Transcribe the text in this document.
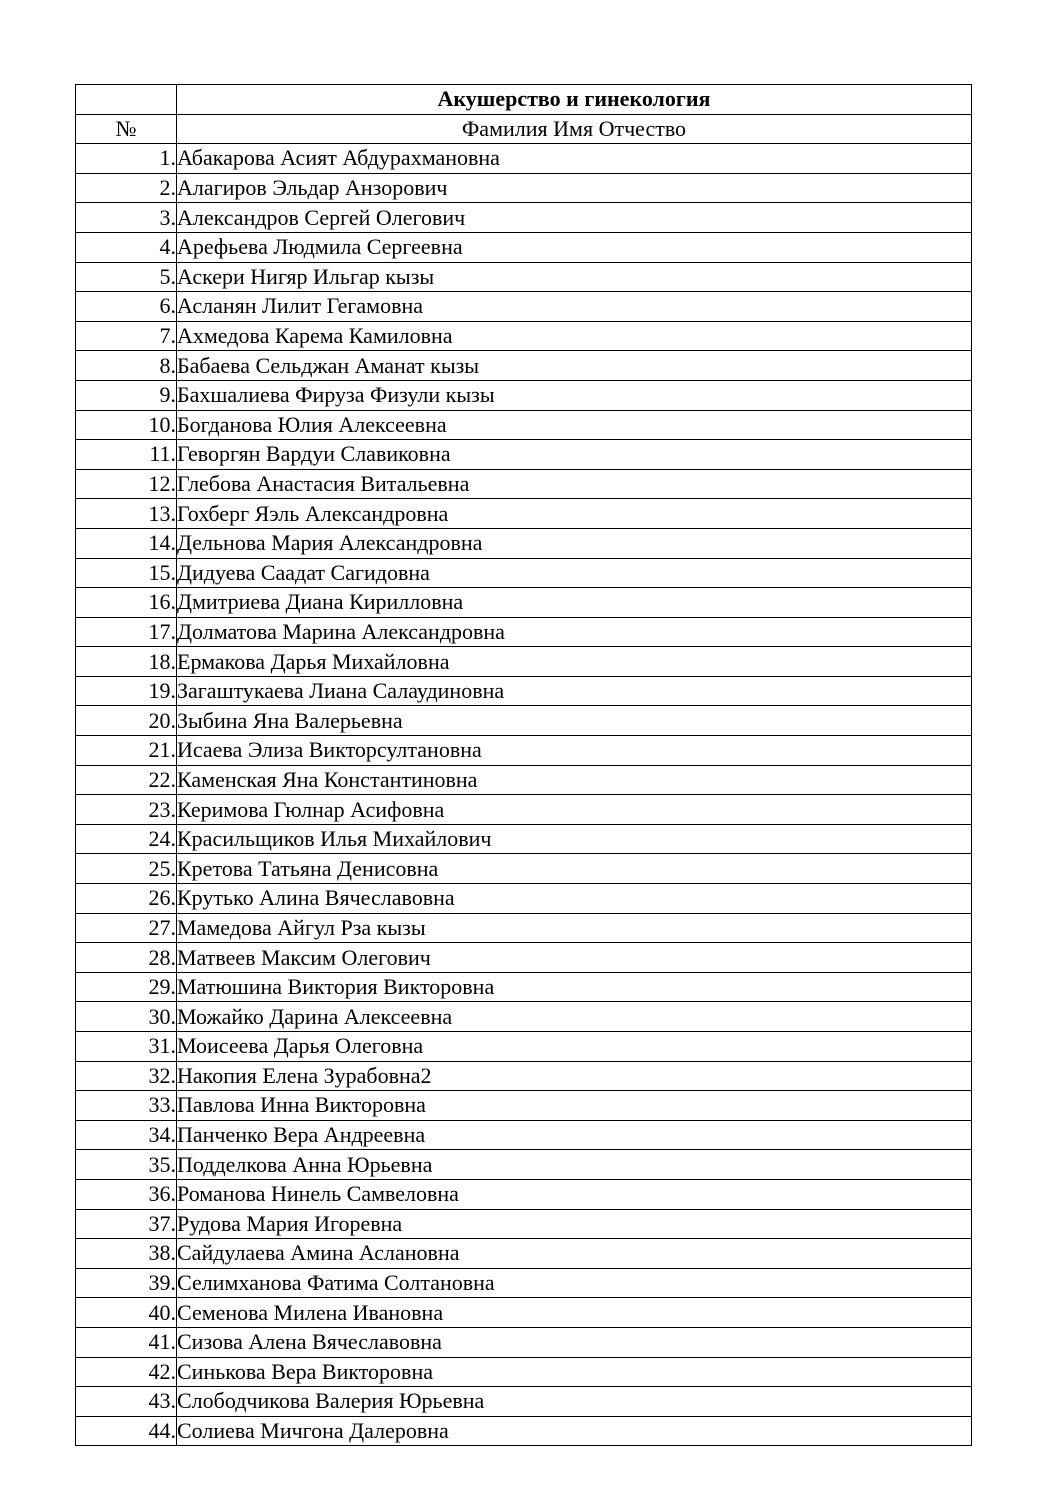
	Акушерство и гинекология
№	Фамилия Имя Отчество
1.	Абакарова Асият Абдурахмановна
2.	Алагиров Эльдар Анзорович
3.	Александров Сергей Олегович
4.	Арефьева Людмила Сергеевна
5.	Аскери Нигяр Ильгар кызы
6.	Асланян Лилит Гегамовна
7.	Ахмедова Карема Камиловна
8.	Бабаева Сельджан Аманат кызы
9.	Бахшалиева Фируза Физули кызы
10.	Богданова Юлия Алексеевна
11.	Геворгян Вардуи Славиковна
12.	Глебова Анастасия Витальевна
13.	Гохберг Яэль Александровна
14.	Дельнова Мария Александровна
15.	Дидуева Саадат Сагидовна
16.	Дмитриева Диана Кирилловна
17.	Долматова Марина Александровна
18.	Ермакова Дарья Михайловна
19.	Загаштукаева Лиана Салаудиновна
20.	Зыбина Яна Валерьевна
21.	Исаева Элиза Викторсултановна
22.	Каменская Яна Константиновна
23.	Керимова Гюлнар Асифовна
24.	Красильщиков Илья Михайлович
25.	Кретова Татьяна Денисовна
26.	Крутько Алина Вячеславовна
27.	Мамедова Айгул Рза кызы
28.	Матвеев Максим Олегович
29.	Матюшина Виктория Викторовна
30.	Можайко Дарина Алексеевна
31.	Моисеева Дарья Олеговна
32.	Накопия Елена Зурабовна2
33.	Павлова Инна Викторовна
34.	Панченко Вера Андреевна
35.	Подделкова Анна Юрьевна
36.	Романова Нинель Самвеловна
37.	Рудова Мария Игоревна
38.	Сайдулаева Амина Аслановна
39.	Селимханова Фатима Солтановна
40.	Семенова Милена Ивановна
41.	Сизова Алена Вячеславовна
42.	Синькова Вера Викторовна
43.	Слободчикова Валерия Юрьевна
44.	Солиева Мичгона Далеровна
